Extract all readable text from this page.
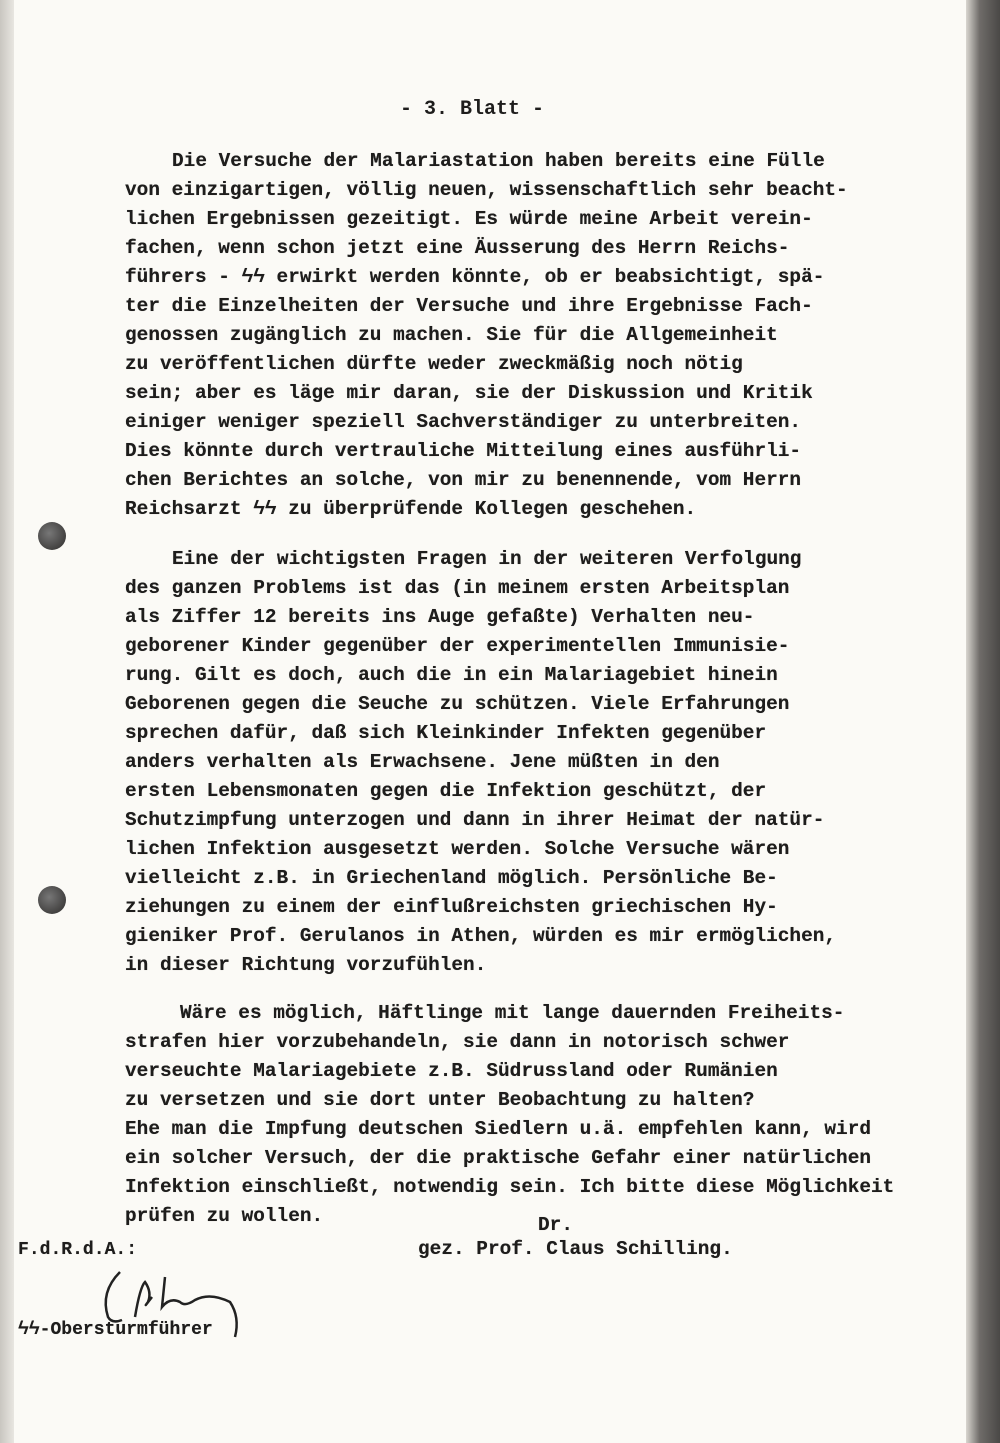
- 3. Blatt -
Die Versuche der Malariastation haben bereits eine Fülle
von einzigartigen, völlig neuen, wissenschaftlich sehr beacht-
lichen Ergebnissen gezeitigt. Es würde meine Arbeit verein-
fachen, wenn schon jetzt eine Äusserung des Herrn Reichs-
führers - ϟϟ erwirkt werden könnte, ob er beabsichtigt, spä-
ter die Einzelheiten der Versuche und ihre Ergebnisse Fach-
genossen zugänglich zu machen. Sie für die Allgemeinheit
zu veröffentlichen dürfte weder zweckmäßig noch nötig
sein; aber es läge mir daran, sie der Diskussion und Kritik
einiger weniger speziell Sachverständiger zu unterbreiten.
Dies könnte durch vertrauliche Mitteilung eines ausführli-
chen Berichtes an solche, von mir zu benennende, vom Herrn
Reichsarzt ϟϟ zu überprüfende Kollegen geschehen.
Eine der wichtigsten Fragen in der weiteren Verfolgung
des ganzen Problems ist das (in meinem ersten Arbeitsplan
als Ziffer 12 bereits ins Auge gefaßte) Verhalten neu-
geborener Kinder gegenüber der experimentellen Immunisie-
rung. Gilt es doch, auch die in ein Malariagebiet hinein
Geborenen gegen die Seuche zu schützen. Viele Erfahrungen
sprechen dafür, daß sich Kleinkinder Infekten gegenüber
anders verhalten als Erwachsene. Jene müßten in den
ersten Lebensmonaten gegen die Infektion geschützt, der
Schutzimpfung unterzogen und dann in ihrer Heimat der natür-
lichen Infektion ausgesetzt werden. Solche Versuche wären
vielleicht z.B. in Griechenland möglich. Persönliche Be-
ziehungen zu einem der einflußreichsten griechischen Hy-
gieniker Prof. Gerulanos in Athen, würden es mir ermöglichen,
in dieser Richtung vorzufühlen.
Wäre es möglich, Häftlinge mit lange dauernden Freiheits-
strafen hier vorzubehandeln, sie dann in notorisch schwer
verseuchte Malariagebiete z.B. Südrussland oder Rumänien
zu versetzen und sie dort unter Beobachtung zu halten?
Ehe man die Impfung deutschen Siedlern u.ä. empfehlen kann, wird
ein solcher Versuch, der die praktische Gefahr einer natürlichen
Infektion einschließt, notwendig sein. Ich bitte diese Möglichkeit
prüfen zu wollen.	Dr.
gez. Prof. Claus Schilling.
F.d.R.d.A.:
ϟϟ-Obersturmführer
